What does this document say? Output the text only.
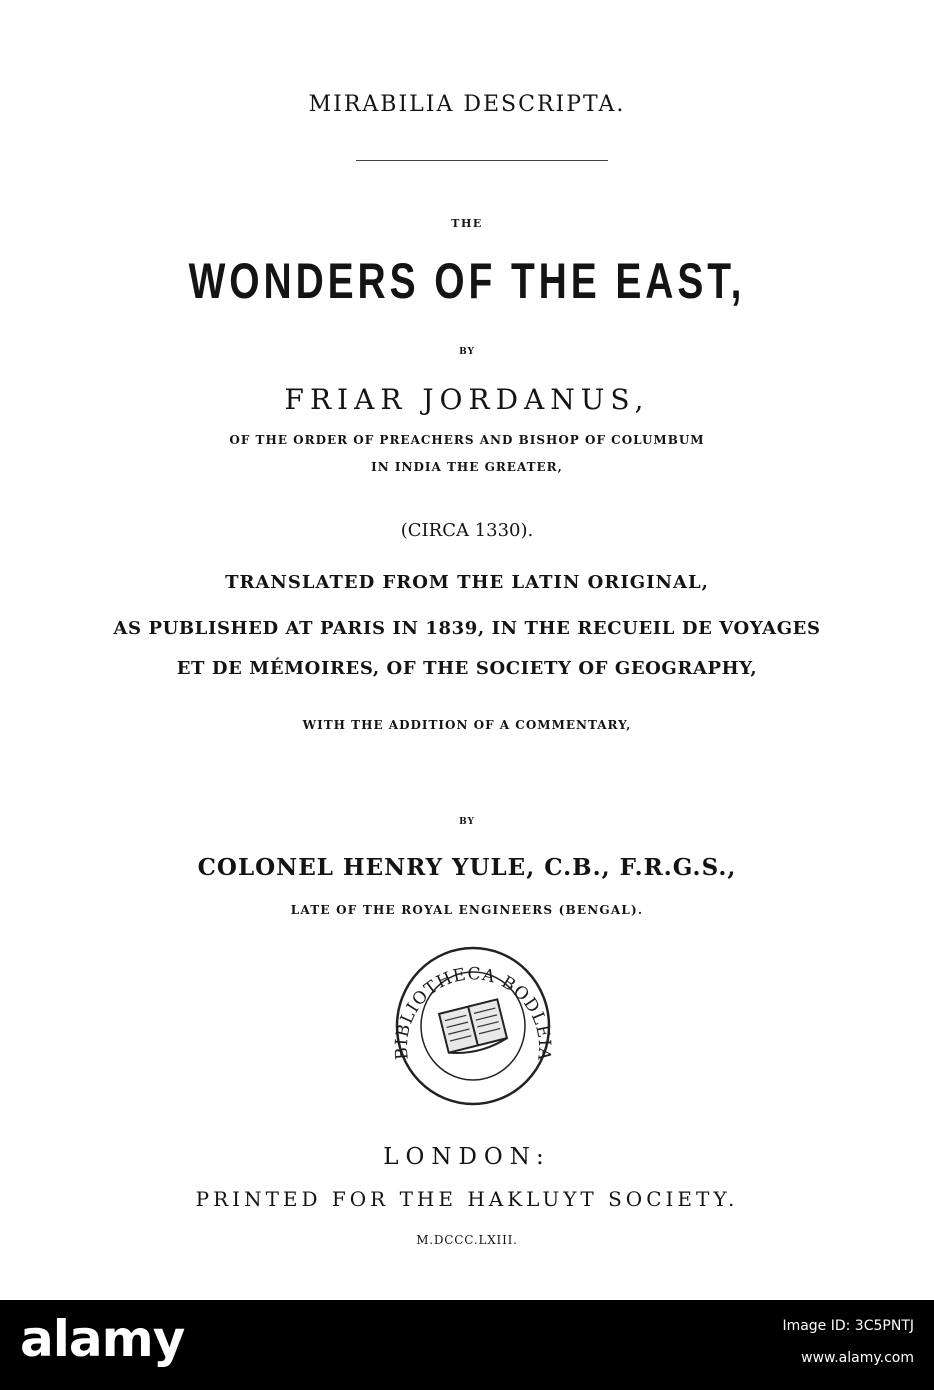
MIRABILIA DESCRIPTA.
THE
WONDERS OF THE EAST,
BY
FRIAR JORDANUS,
OF THE ORDER OF PREACHERS AND BISHOP OF COLUMBUM
IN INDIA THE GREATER,
(CIRCA 1330).
TRANSLATED FROM THE LATIN ORIGINAL,
AS PUBLISHED AT PARIS IN 1839, IN THE RECUEIL DE VOYAGES
ET DE MÉMOIRES, OF THE SOCIETY OF GEOGRAPHY,
WITH THE ADDITION OF A COMMENTARY,
BY
COLONEL HENRY YULE, C.B., F.R.G.S.,
LATE OF THE ROYAL ENGINEERS (BENGAL).
BIBLIOTHECA BODLEIA
LONDON:
PRINTED FOR THE HAKLUYT SOCIETY.
M.DCCC.LXIII.
alamy	Image ID: 3C5PNTJ
www.alamy.com
